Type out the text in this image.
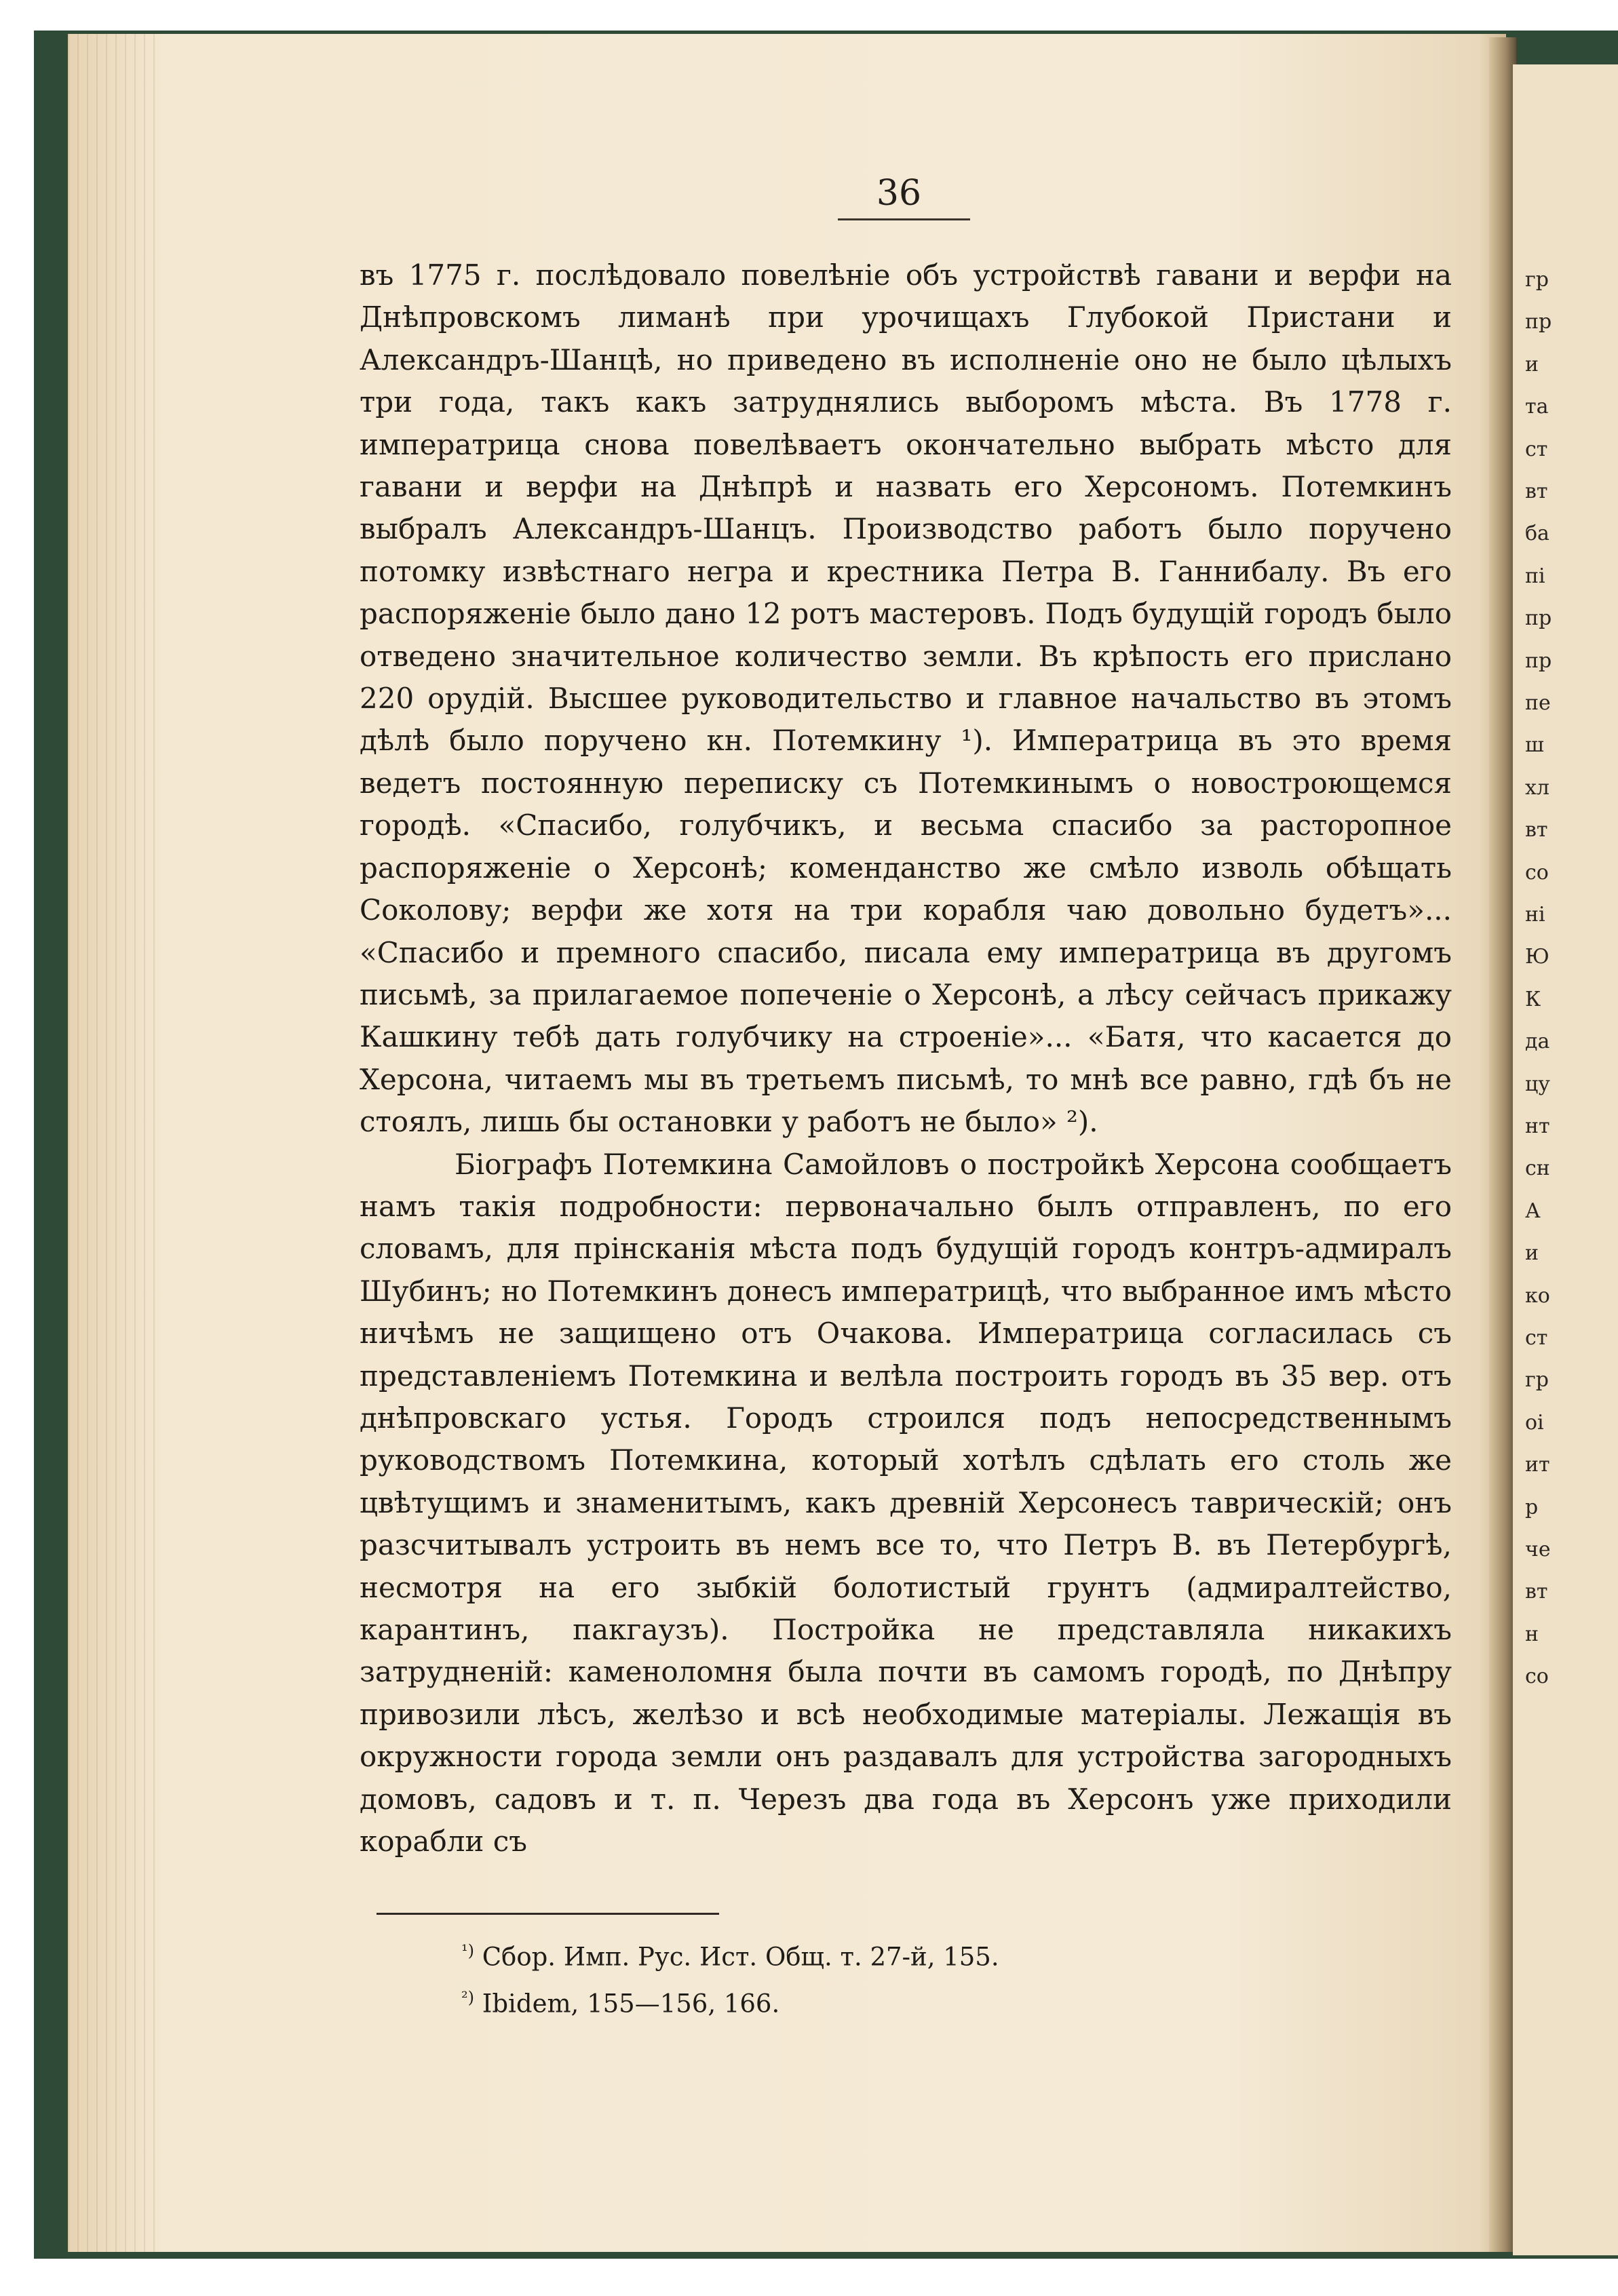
гр
пр
и
та
ст
вт
ба
пі
пр
пр
пе
ш
хл
вт
со
ні
Ю
К
да
цу
нт
сн
А
и
ко
ст
гр
оі
ит
р
че
вт
н
со

36

въ 1775 г. послѣдовало повелѣніе объ устройствѣ гавани и верфи на Днѣпровскомъ лиманѣ при урочищахъ Глубокой Пристани и Александръ-Шанцѣ, но приведено въ исполненіе оно не было цѣлыхъ три года, такъ какъ затруднялись выборомъ мѣста. Въ 1778 г. императрица снова повелѣваетъ окончательно выбрать мѣсто для гавани и верфи на Днѣпрѣ и назвать его Херсономъ. Потемкинъ выбралъ Александръ-Шанцъ. Производство работъ было поручено потомку извѣстнаго негра и крестника Петра В. Ганнибалу. Въ его распоряженіе было дано 12 ротъ мастеровъ. Подъ будущій городъ было отведено значительное количество земли. Въ крѣпость его прислано 220 орудій. Высшее руководительство и главное начальство въ этомъ дѣлѣ было поручено кн. Потемкину ¹). Императрица въ это время ведетъ постоянную переписку съ Потемкинымъ о новостроющемся городѣ. «Спасибо, голубчикъ, и весьма спасибо за расторопное распоряженіе о Херсонѣ; коменданство же смѣло изволь обѣщать Соколову; верфи же хотя на три корабля чаю довольно будетъ»... «Спасибо и премного спасибо, писала ему императрица въ другомъ письмѣ, за прилагаемое попеченіе о Херсонѣ, а лѣсу сейчасъ прикажу Кашкину тебѣ дать голубчику на строеніе»... «Батя, что касается до Херсона, читаемъ мы въ третьемъ письмѣ, то мнѣ все равно, гдѣ бъ не стоялъ, лишь бы остановки у работъ не было» ²).

Біографъ Потемкина Самойловъ о постройкѣ Херсона сообщаетъ намъ такія подробности: первоначально былъ отправленъ, по его словамъ, для прінсканія мѣста подъ будущій городъ контръ-адмиралъ Шубинъ; но Потемкинъ донесъ императрицѣ, что выбранное имъ мѣсто ничѣмъ не защищено отъ Очакова. Императрица согласилась съ представленіемъ Потемкина и велѣла построить городъ въ 35 вер. отъ днѣпровскаго устья. Городъ строился подъ непосредственнымъ руководствомъ Потемкина, который хотѣлъ сдѣлать его столь же цвѣтущимъ и знаменитымъ, какъ древній Херсонесъ таврическій; онъ разсчитывалъ устроить въ немъ все то, что Петръ В. въ Петербургѣ, несмотря на его зыбкій болотистый грунтъ (адмиралтейство, карантинъ, пакгаузъ). Постройка не представляла никакихъ затрудненій: каменоломня была почти въ самомъ городѣ, по Днѣпру привозили лѣсъ, желѣзо и всѣ необходимые матеріалы. Лежащія въ окружности города земли онъ раздавалъ для устройства загородныхъ домовъ, садовъ и т. п. Черезъ два года въ Херсонъ уже приходили корабли съ

$^{^1)}$ Сбор. Имп. Рус. Ист. Общ. т. 27-й, 155.

$^{^2)}$ Ibidem, 155—156, 166.
